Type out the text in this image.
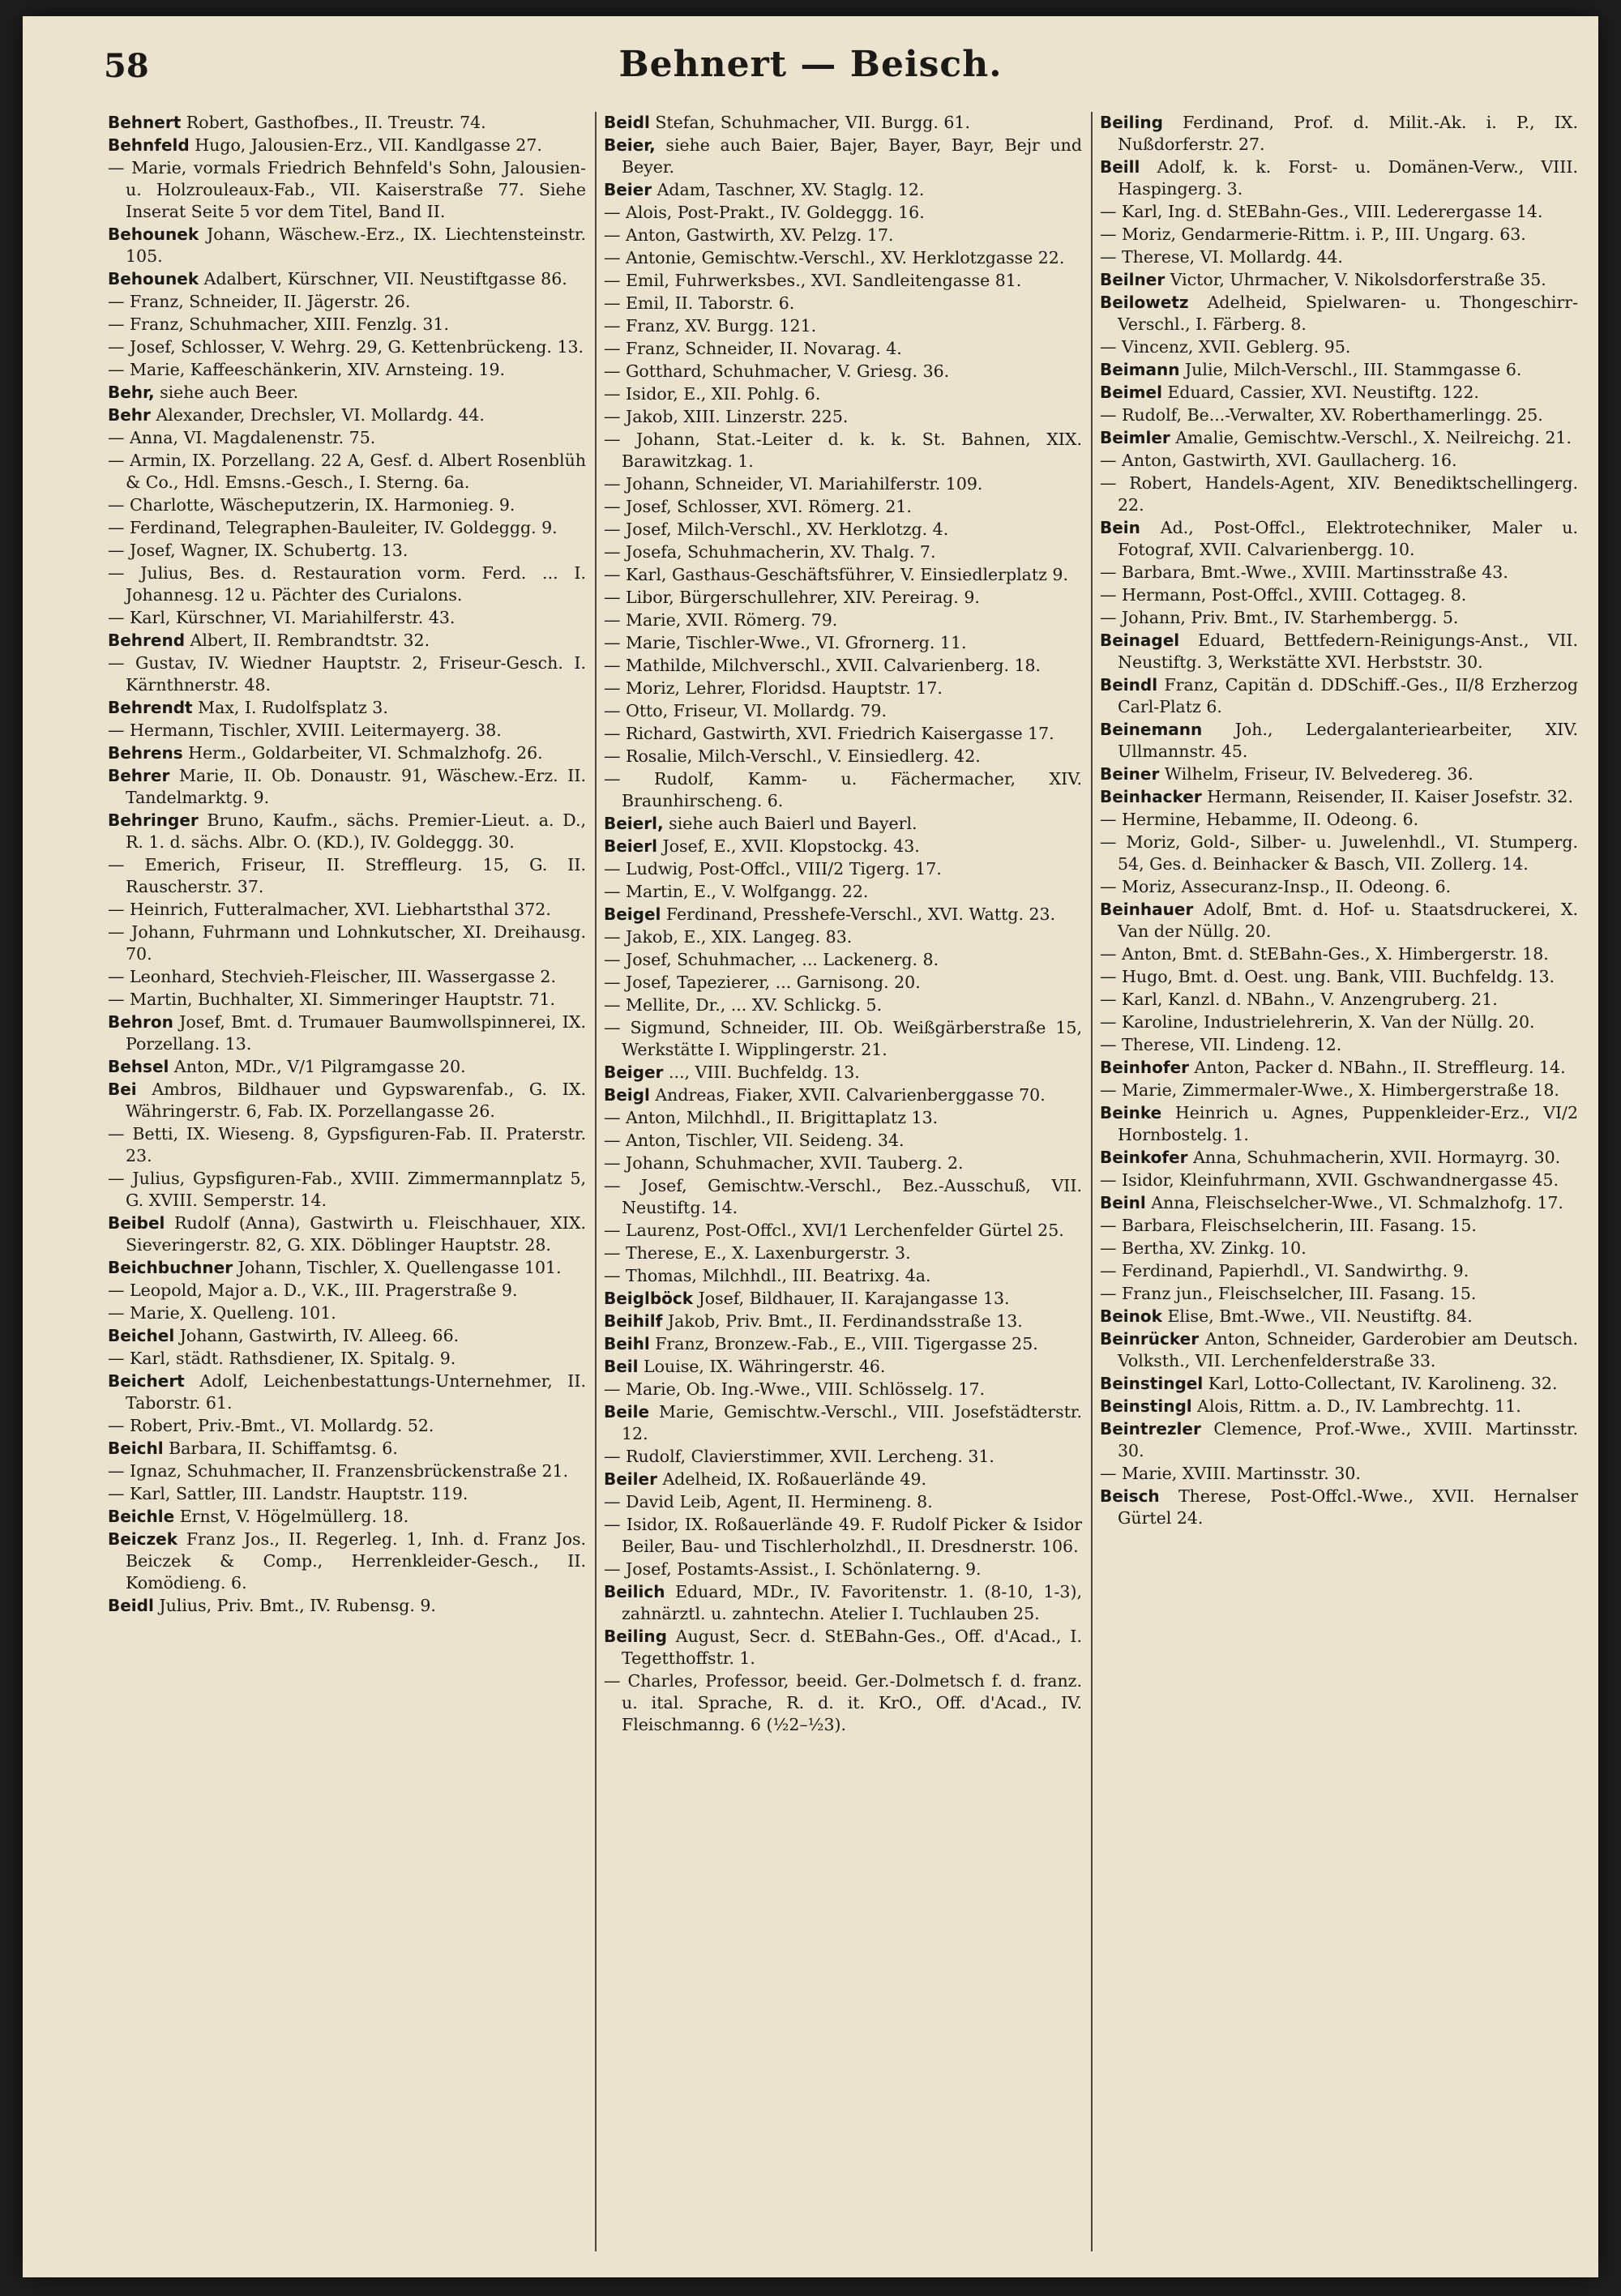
58	Behnert — Beisch.
Behnert Robert, Gasthofbes., II. Treustr. 74.
Behnfeld Hugo, Jalousien-Erz., VII. Kandlgasse 27.
— Marie, vormals Friedrich Behnfeld's Sohn, Jalousien- u. Holzrouleaux-Fab., VII. Kaiserstraße 77. Siehe Inserat Seite 5 vor dem Titel, Band II.
Behounek Johann, Wäschew.-Erz., IX. Liechtensteinstr. 105.
Behounek Adalbert, Kürschner, VII. Neustiftgasse 86.
— Franz, Schneider, II. Jägerstr. 26.
— Franz, Schuhmacher, XIII. Fenzlg. 31.
— Josef, Schlosser, V. Wehrg. 29, G. Kettenbrückeng. 13.
— Marie, Kaffeeschänkerin, XIV. Arnsteing. 19.
Behr, siehe auch Beer.
Behr Alexander, Drechsler, VI. Mollardg. 44.
— Anna, VI. Magdalenenstr. 75.
— Armin, IX. Porzellang. 22 A, Gesf. d. Albert Rosenblüh & Co., Hdl. Emsns.-Gesch., I. Sterng. 6a.
— Charlotte, Wäscheputzerin, IX. Harmonieg. 9.
— Ferdinand, Telegraphen-Bauleiter, IV. Goldeggg. 9.
— Josef, Wagner, IX. Schubertg. 13.
— Julius, Bes. d. Restauration vorm. Ferd. ... I. Johannesg. 12 u. Pächter des Curialons.
— Karl, Kürschner, VI. Mariahilferstr. 43.
Behrend Albert, II. Rembrandtstr. 32.
— Gustav, IV. Wiedner Hauptstr. 2, Friseur-Gesch. I. Kärnthnerstr. 48.
Behrendt Max, I. Rudolfsplatz 3.
— Hermann, Tischler, XVIII. Leitermayerg. 38.
Behrens Herm., Goldarbeiter, VI. Schmalzhofg. 26.
Behrer Marie, II. Ob. Donaustr. 91, Wäschew.-Erz. II. Tandelmarktg. 9.
Behringer Bruno, Kaufm., sächs. Premier-Lieut. a. D., R. 1. d. sächs. Albr. O. (KD.), IV. Goldeggg. 30.
— Emerich, Friseur, II. Streffleurg. 15, G. II. Rauscherstr. 37.
— Heinrich, Futteralmacher, XVI. Liebhartsthal 372.
— Johann, Fuhrmann und Lohnkutscher, XI. Dreihausg. 70.
— Leonhard, Stechvieh-Fleischer, III. Wassergasse 2.
— Martin, Buchhalter, XI. Simmeringer Hauptstr. 71.
Behron Josef, Bmt. d. Trumauer Baumwollspinnerei, IX. Porzellang. 13.
Behsel Anton, MDr., V/1 Pilgramgasse 20.
Bei Ambros, Bildhauer und Gypswarenfab., G. IX. Währingerstr. 6, Fab. IX. Porzellangasse 26.
— Betti, IX. Wieseng. 8, Gypsfiguren-Fab. II. Praterstr. 23.
— Julius, Gypsfiguren-Fab., XVIII. Zimmermannplatz 5, G. XVIII. Semperstr. 14.
Beibel Rudolf (Anna), Gastwirth u. Fleischhauer, XIX. Sieveringerstr. 82, G. XIX. Döblinger Hauptstr. 28.
Beichbuchner Johann, Tischler, X. Quellengasse 101.
— Leopold, Major a. D., V.K., III. Pragerstraße 9.
— Marie, X. Quelleng. 101.
Beichel Johann, Gastwirth, IV. Alleeg. 66.
— Karl, städt. Rathsdiener, IX. Spitalg. 9.
Beichert Adolf, Leichenbestattungs-Unternehmer, II. Taborstr. 61.
— Robert, Priv.-Bmt., VI. Mollardg. 52.
Beichl Barbara, II. Schiffamtsg. 6.
— Ignaz, Schuhmacher, II. Franzensbrückenstraße 21.
— Karl, Sattler, III. Landstr. Hauptstr. 119.
Beichle Ernst, V. Högelmüllerg. 18.
Beiczek Franz Jos., II. Regerleg. 1, Inh. d. Franz Jos. Beiczek & Comp., Herrenkleider-Gesch., II. Komödieng. 6.
Beidl Julius, Priv. Bmt., IV. Rubensg. 9.
Beidl Stefan, Schuhmacher, VII. Burgg. 61.
Beier, siehe auch Baier, Bajer, Bayer, Bayr, Bejr und Beyer.
Beier Adam, Taschner, XV. Staglg. 12.
— Alois, Post-Prakt., IV. Goldeggg. 16.
— Anton, Gastwirth, XV. Pelzg. 17.
— Antonie, Gemischtw.-Verschl., XV. Herklotzgasse 22.
— Emil, Fuhrwerksbes., XVI. Sandleitengasse 81.
— Emil, II. Taborstr. 6.
— Franz, XV. Burgg. 121.
— Franz, Schneider, II. Novarag. 4.
— Gotthard, Schuhmacher, V. Griesg. 36.
— Isidor, E., XII. Pohlg. 6.
— Jakob, XIII. Linzerstr. 225.
— Johann, Stat.-Leiter d. k. k. St. Bahnen, XIX. Barawitzkag. 1.
— Johann, Schneider, VI. Mariahilferstr. 109.
— Josef, Schlosser, XVI. Römerg. 21.
— Josef, Milch-Verschl., XV. Herklotzg. 4.
— Josefa, Schuhmacherin, XV. Thalg. 7.
— Karl, Gasthaus-Geschäftsführer, V. Einsiedlerplatz 9.
— Libor, Bürgerschullehrer, XIV. Pereirag. 9.
— Marie, XVII. Römerg. 79.
— Marie, Tischler-Wwe., VI. Gfrornerg. 11.
— Mathilde, Milchverschl., XVII. Calvarienberg. 18.
— Moriz, Lehrer, Floridsd. Hauptstr. 17.
— Otto, Friseur, VI. Mollardg. 79.
— Richard, Gastwirth, XVI. Friedrich Kaisergasse 17.
— Rosalie, Milch-Verschl., V. Einsiedlerg. 42.
— Rudolf, Kamm- u. Fächermacher, XIV. Braunhirscheng. 6.
Beierl, siehe auch Baierl und Bayerl.
Beierl Josef, E., XVII. Klopstockg. 43.
— Ludwig, Post-Offcl., VIII/2 Tigerg. 17.
— Martin, E., V. Wolfgangg. 22.
Beigel Ferdinand, Presshefe-Verschl., XVI. Wattg. 23.
— Jakob, E., XIX. Langeg. 83.
— Josef, Schuhmacher, ... Lackenerg. 8.
— Josef, Tapezierer, ... Garnisong. 20.
— Mellite, Dr., ... XV. Schlickg. 5.
— Sigmund, Schneider, III. Ob. Weißgärberstraße 15, Werkstätte I. Wipplingerstr. 21.
Beiger ..., VIII. Buchfeldg. 13.
Beigl Andreas, Fiaker, XVII. Calvarienberggasse 70.
— Anton, Milchhdl., II. Brigittaplatz 13.
— Anton, Tischler, VII. Seideng. 34.
— Johann, Schuhmacher, XVII. Tauberg. 2.
— Josef, Gemischtw.-Verschl., Bez.-Ausschuß, VII. Neustiftg. 14.
— Laurenz, Post-Offcl., XVI/1 Lerchenfelder Gürtel 25.
— Therese, E., X. Laxenburgerstr. 3.
— Thomas, Milchhdl., III. Beatrixg. 4a.
Beiglböck Josef, Bildhauer, II. Karajangasse 13.
Beihilf Jakob, Priv. Bmt., II. Ferdinandsstraße 13.
Beihl Franz, Bronzew.-Fab., E., VIII. Tigergasse 25.
Beil Louise, IX. Währingerstr. 46.
— Marie, Ob. Ing.-Wwe., VIII. Schlösselg. 17.
Beile Marie, Gemischtw.-Verschl., VIII. Josefstädterstr. 12.
— Rudolf, Clavierstimmer, XVII. Lercheng. 31.
Beiler Adelheid, IX. Roßauerlände 49.
— David Leib, Agent, II. Hermineng. 8.
— Isidor, IX. Roßauerlände 49. F. Rudolf Picker & Isidor Beiler, Bau- und Tischlerholzhdl., II. Dresdnerstr. 106.
— Josef, Postamts-Assist., I. Schönlaterng. 9.
Beilich Eduard, MDr., IV. Favoritenstr. 1. (8-10, 1-3), zahnärztl. u. zahntechn. Atelier I. Tuchlauben 25.
Beiling August, Secr. d. StEBahn-Ges., Off. d'Acad., I. Tegetthoffstr. 1.
— Charles, Professor, beeid. Ger.-Dolmetsch f. d. franz. u. ital. Sprache, R. d. it. KrO., Off. d'Acad., IV. Fleischmanng. 6 (½2–½3).
Beiling Ferdinand, Prof. d. Milit.-Ak. i. P., IX. Nußdorferstr. 27.
Beill Adolf, k. k. Forst- u. Domänen-Verw., VIII. Haspingerg. 3.
— Karl, Ing. d. StEBahn-Ges., VIII. Lederergasse 14.
— Moriz, Gendarmerie-Rittm. i. P., III. Ungarg. 63.
— Therese, VI. Mollardg. 44.
Beilner Victor, Uhrmacher, V. Nikolsdorferstraße 35.
Beilowetz Adelheid, Spielwaren- u. Thongeschirr-Verschl., I. Färberg. 8.
— Vincenz, XVII. Geblerg. 95.
Beimann Julie, Milch-Verschl., III. Stammgasse 6.
Beimel Eduard, Cassier, XVI. Neustiftg. 122.
— Rudolf, Be...-Verwalter, XV. Roberthamerlingg. 25.
Beimler Amalie, Gemischtw.-Verschl., X. Neilreichg. 21.
— Anton, Gastwirth, XVI. Gaullacherg. 16.
— Robert, Handels-Agent, XIV. Benediktschellingerg. 22.
Bein Ad., Post-Offcl., Elektrotechniker, Maler u. Fotograf, XVII. Calvarienbergg. 10.
— Barbara, Bmt.-Wwe., XVIII. Martinsstraße 43.
— Hermann, Post-Offcl., XVIII. Cottageg. 8.
— Johann, Priv. Bmt., IV. Starhembergg. 5.
Beinagel Eduard, Bettfedern-Reinigungs-Anst., VII. Neustiftg. 3, Werkstätte XVI. Herbststr. 30.
Beindl Franz, Capitän d. DDSchiff.-Ges., II/8 Erzherzog Carl-Platz 6.
Beinemann Joh., Ledergalanteriearbeiter, XIV. Ullmannstr. 45.
Beiner Wilhelm, Friseur, IV. Belvedereg. 36.
Beinhacker Hermann, Reisender, II. Kaiser Josefstr. 32.
— Hermine, Hebamme, II. Odeong. 6.
— Moriz, Gold-, Silber- u. Juwelenhdl., VI. Stumperg. 54, Ges. d. Beinhacker & Basch, VII. Zollerg. 14.
— Moriz, Assecuranz-Insp., II. Odeong. 6.
Beinhauer Adolf, Bmt. d. Hof- u. Staatsdruckerei, X. Van der Nüllg. 20.
— Anton, Bmt. d. StEBahn-Ges., X. Himbergerstr. 18.
— Hugo, Bmt. d. Oest. ung. Bank, VIII. Buchfeldg. 13.
— Karl, Kanzl. d. NBahn., V. Anzengruberg. 21.
— Karoline, Industrielehrerin, X. Van der Nüllg. 20.
— Therese, VII. Lindeng. 12.
Beinhofer Anton, Packer d. NBahn., II. Streffleurg. 14.
— Marie, Zimmermaler-Wwe., X. Himbergerstraße 18.
Beinke Heinrich u. Agnes, Puppenkleider-Erz., VI/2 Hornbostelg. 1.
Beinkofer Anna, Schuhmacherin, XVII. Hormayrg. 30.
— Isidor, Kleinfuhrmann, XVII. Gschwandnergasse 45.
Beinl Anna, Fleischselcher-Wwe., VI. Schmalzhofg. 17.
— Barbara, Fleischselcherin, III. Fasang. 15.
— Bertha, XV. Zinkg. 10.
— Ferdinand, Papierhdl., VI. Sandwirthg. 9.
— Franz jun., Fleischselcher, III. Fasang. 15.
Beinok Elise, Bmt.-Wwe., VII. Neustiftg. 84.
Beinrücker Anton, Schneider, Garderobier am Deutsch. Volksth., VII. Lerchenfelderstraße 33.
Beinstingel Karl, Lotto-Collectant, IV. Karolineng. 32.
Beinstingl Alois, Rittm. a. D., IV. Lambrechtg. 11.
Beintrezler Clemence, Prof.-Wwe., XVIII. Martinsstr. 30.
— Marie, XVIII. Martinsstr. 30.
Beisch Therese, Post-Offcl.-Wwe., XVII. Hernalser Gürtel 24.
